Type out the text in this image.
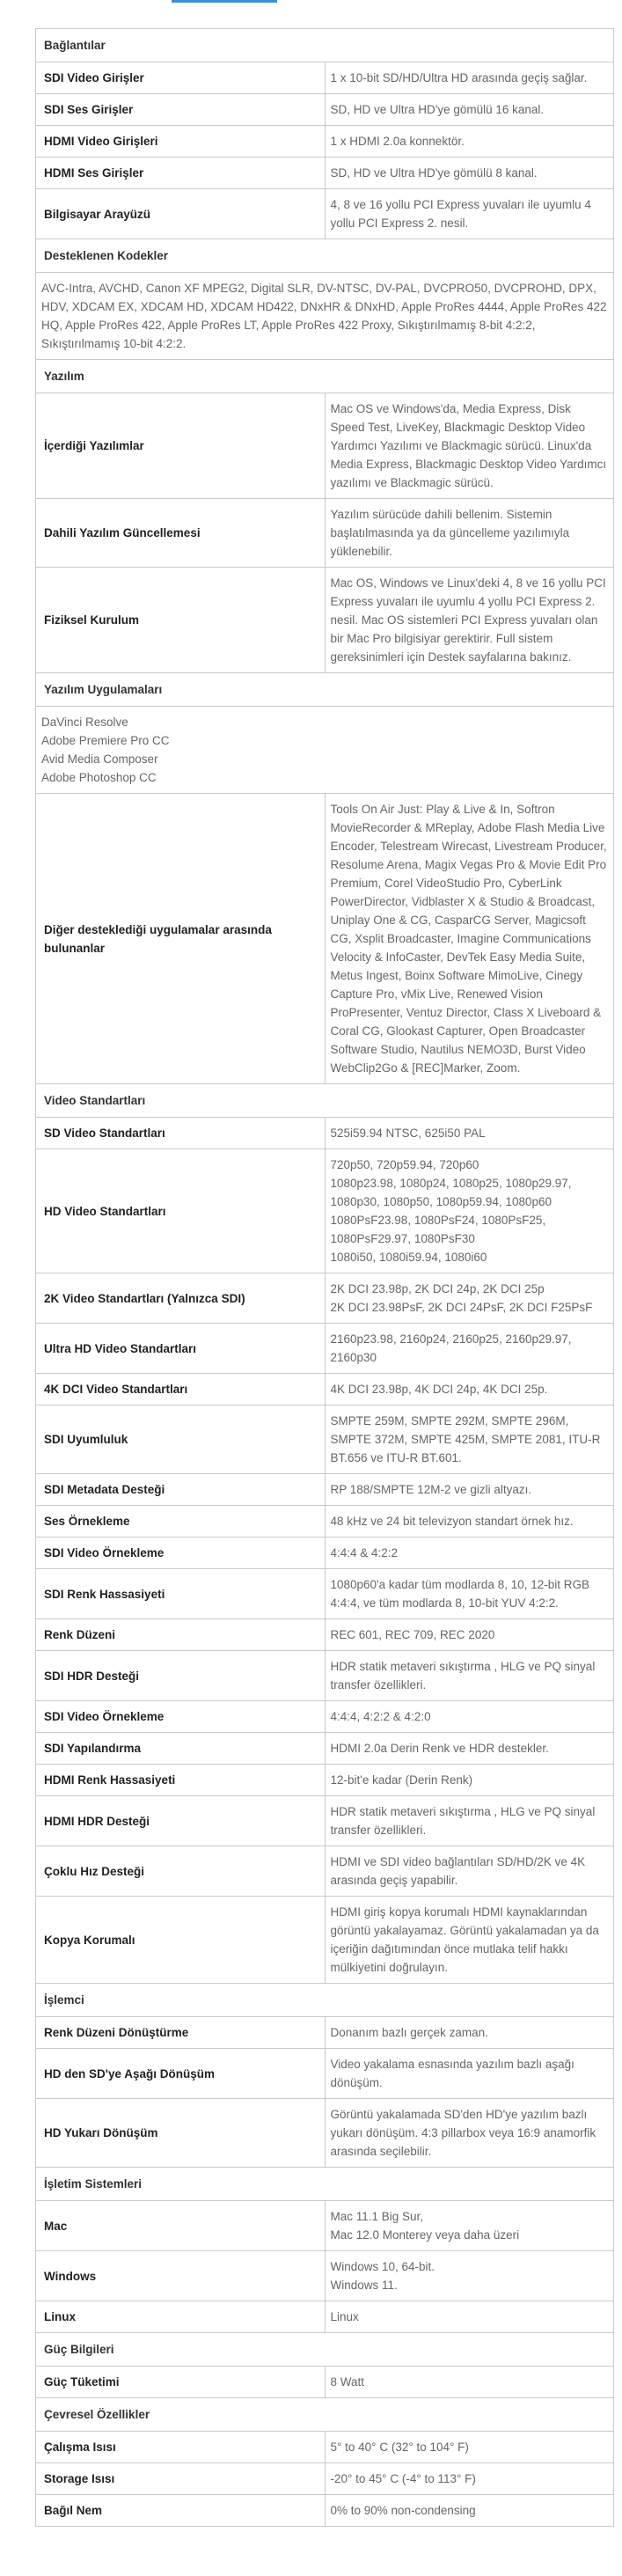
Bağlantılar	
SDI Video Girişler	1 x 10-bit SD/HD/Ultra HD arasında geçiş sağlar.

SDI Ses Girişler	SD, HD ve Ultra HD'ye gömülü 16 kanal.

HDMI Video Girişleri	1 x HDMI 2.0a konnektör.

HDMI Ses Girişler	SD, HD ve Ultra HD'ye gömülü 8 kanal.

Bilgisayar Arayüzü	4, 8 ve 16 yollu PCI Express yuvaları ile uyumlu 4 yollu PCI Express 2. nesil.

Desteklenen Kodekler	

AVC-Intra, AVCHD, Canon XF MPEG2, Digital SLR, DV-NTSC, DV-PAL, DVCPRO50, DVCPROHD, DPX, HDV, XDCAM EX, XDCAM HD, XDCAM HD422, DNxHR & DNxHD, Apple ProRes 4444, Apple ProRes 422 HQ, Apple ProRes 422, Apple ProRes LT, Apple ProRes 422 Proxy, Sıkıştırılmamış 8-bit 4:2:2, Sıkıştırılmamış 10-bit 4:2:2.	

Yazılım	
İçerdiği Yazılımlar	Mac OS ve Windows'da, Media Express, Disk Speed Test, LiveKey, Blackmagic Desktop Video Yardımcı Yazılımı ve Blackmagic sürücü. Linux'da Media Express, Blackmagic Desktop Video Yardımcı yazılımı ve Blackmagic sürücü.

Dahili Yazılım Güncellemesi	Yazılım sürücüde dahili bellenim. Sistemin başlatılmasında ya da güncelleme yazılımıyla yüklenebilir.

Fiziksel Kurulum	Mac OS, Windows ve Linux'deki 4, 8 ve 16 yollu PCI Express yuvaları ile uyumlu 4 yollu PCI Express 2. nesil. Mac OS sistemleri PCI Express yuvaları olan bir Mac Pro bilgisiyar gerektirir. Full sistem gereksinimleri için Destek sayfalarına bakınız.

Yazılım Uygulamaları	

DaVinci Resolve
Adobe Premiere Pro CC
Avid Media Composer
Adobe Photoshop CC	

Diğer desteklediği uygulamalar arasında bulunanlar	Tools On Air Just: Play & Live & In, Softron MovieRecorder & MReplay, Adobe Flash Media Live Encoder, Telestream Wirecast, Livestream Producer, Resolume Arena, Magix Vegas Pro & Movie Edit Pro Premium, Corel VideoStudio Pro, CyberLink PowerDirector, Vidblaster X & Studio & Broadcast, Uniplay One & CG, CasparCG Server, Magicsoft CG, Xsplit Broadcaster, Imagine Communications Velocity & InfoCaster, DevTek Easy Media Suite, Metus Ingest, Boinx Software MimoLive, Cinegy Capture Pro, vMix Live, Renewed Vision ProPresenter, Ventuz Director, Class X Liveboard & Coral CG, Glookast Capturer, Open Broadcaster Software Studio, Nautilus NEMO3D, Burst Video WebClip2Go & [REC]Marker, Zoom.

Video Standartları	
SD Video Standartları	525i59.94 NTSC, 625i50 PAL

HD Video Standartları	720p50, 720p59.94, 720p60
1080p23.98, 1080p24, 1080p25, 1080p29.97, 1080p30, 1080p50, 1080p59.94, 1080p60
1080PsF23.98, 1080PsF24, 1080PsF25, 1080PsF29.97, 1080PsF30
1080i50, 1080i59.94, 1080i60

2K Video Standartları (Yalnızca SDI)	2K DCI 23.98p, 2K DCI 24p, 2K DCI 25p
2K DCI 23.98PsF, 2K DCI 24PsF, 2K DCI F25PsF

Ultra HD Video Standartları	2160p23.98, 2160p24, 2160p25, 2160p29.97, 2160p30

4K DCI Video Standartları	4K DCI 23.98p, 4K DCI 24p, 4K DCI 25p.

SDI Uyumluluk	SMPTE 259M, SMPTE 292M, SMPTE 296M, SMPTE 372M, SMPTE 425M, SMPTE 2081, ITU-R BT.656 ve ITU-R BT.601.

SDI Metadata Desteği	RP 188/SMPTE 12M-2 ve gizli altyazı.

Ses Örnekleme	48 kHz ve 24 bit televizyon standart örnek hız.

SDI Video Örnekleme	4:4:4 & 4:2:2

SDI Renk Hassasiyeti	1080p60'a kadar tüm modlarda 8, 10, 12-bit RGB 4:4:4, ve tüm modlarda 8, 10-bit YUV 4:2:2.

Renk Düzeni	REC 601, REC 709, REC 2020

SDI HDR Desteği	HDR statik metaveri sıkıştırma , HLG ve PQ sinyal transfer özellikleri.

SDI Video Örnekleme	4:4:4, 4:2:2 & 4:2:0

SDI Yapılandırma	HDMI 2.0a Derin Renk ve HDR destekler.

HDMI Renk Hassasiyeti	12-bit'e kadar (Derin Renk)

HDMI HDR Desteği	HDR statik metaveri sıkıştırma , HLG ve PQ sinyal transfer özellikleri.

Çoklu Hız Desteği	HDMI ve SDI video bağlantıları SD/HD/2K ve 4K arasında geçiş yapabilir.

Kopya Korumalı	HDMI giriş kopya korumalı HDMI kaynaklarından görüntü yakalayamaz. Görüntü yakalamadan ya da içeriğin dağıtımından önce mutlaka telif hakkı mülkiyetini doğrulayın.

İşlemci	
Renk Düzeni Dönüştürme	Donanım bazlı gerçek zaman.

HD den SD'ye Aşağı Dönüşüm	Video yakalama esnasında yazılım bazlı aşağı dönüşüm.

HD Yukarı Dönüşüm	Görüntü yakalamada SD'den HD'ye yazılım bazlı yukarı dönüşüm. 4:3 pillarbox veya 16:9 anamorfik arasında seçilebilir.

İşletim Sistemleri	
Mac	Mac 11.1 Big Sur,
Mac 12.0 Monterey veya daha üzeri

Windows	Windows 10, 64-bit.
Windows 11.

Linux	Linux

Güç Bilgileri	
Güç Tüketimi	8 Watt

Çevresel Özellikler	
Çalışma Isısı	5° to 40° C (32° to 104° F)

Storage Isısı	-20° to 45° C (-4° to 113° F)

Bağıl Nem	0% to 90% non-condensing
